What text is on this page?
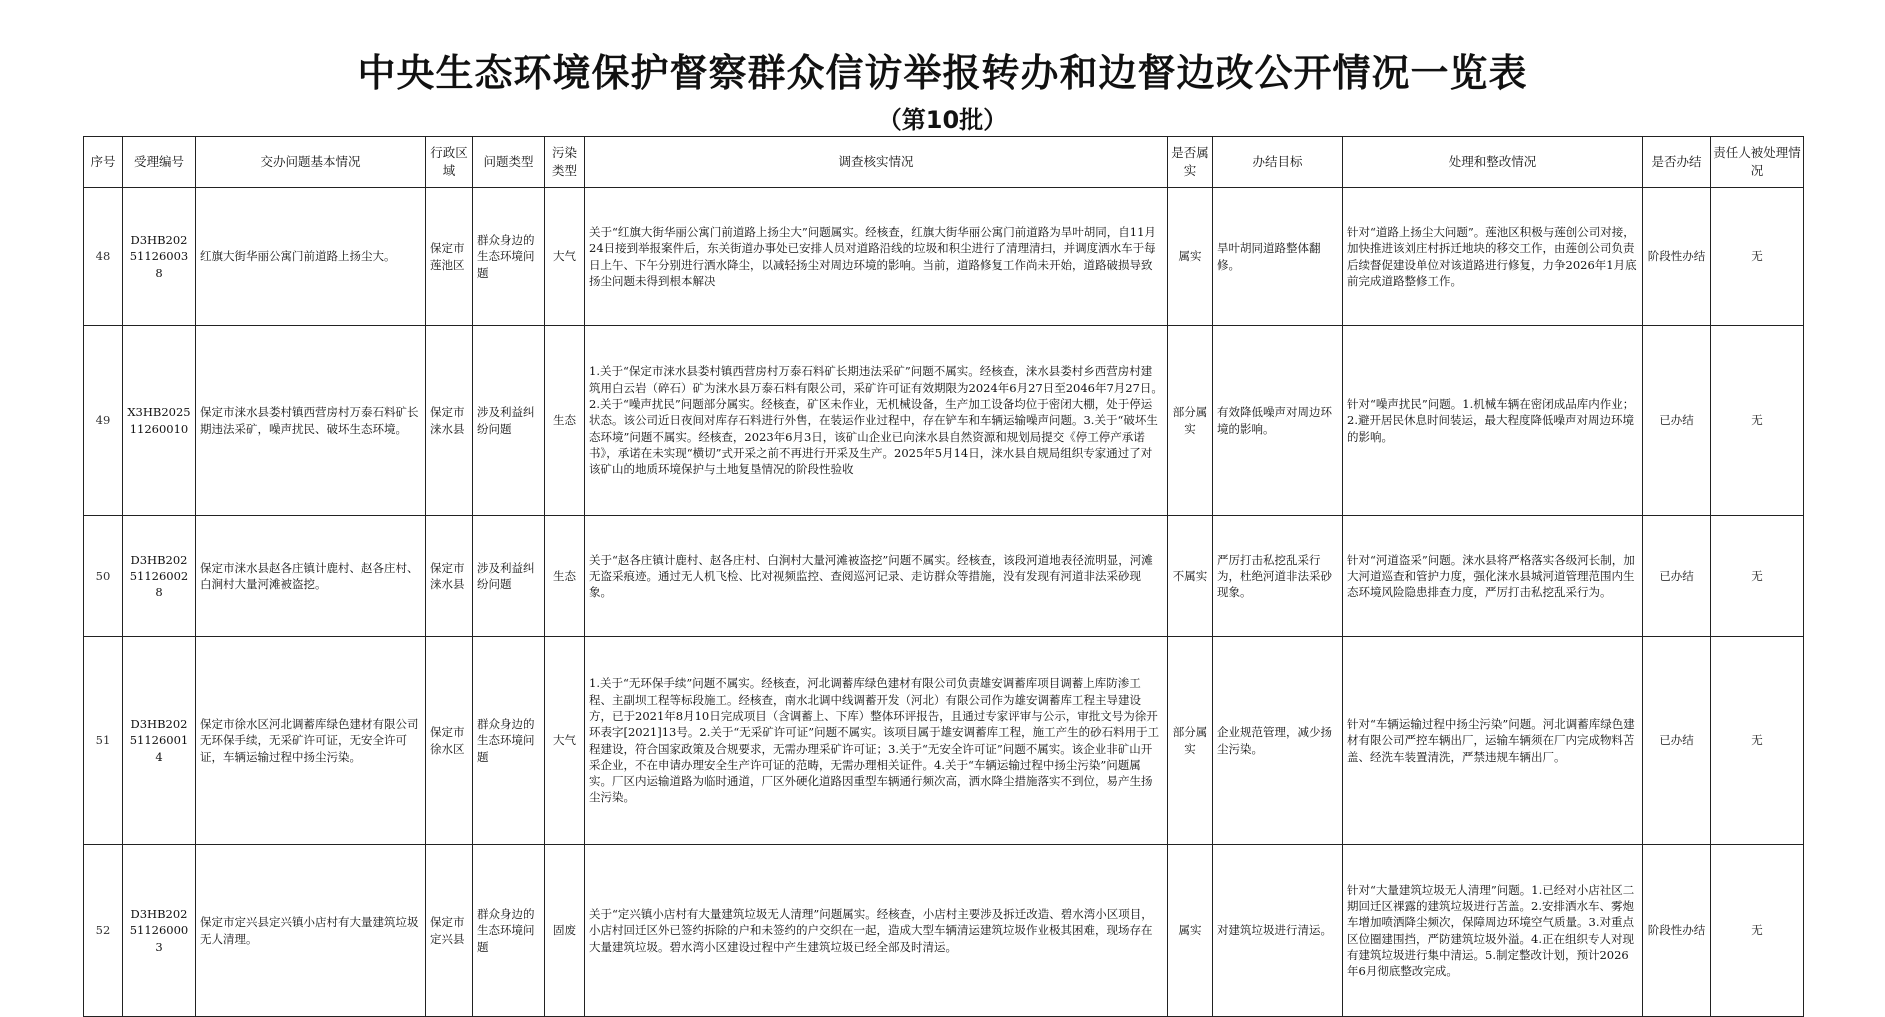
中央生态环境保护督察群众信访举报转办和边督边改公开情况一览表
（第10批）
序号	受理编号	交办问题基本情况	行政区域	问题类型	污染类型	调查核实情况	是否属实	办结目标	处理和整改情况	是否办结	责任人被处理情况
48	D3HB202511260038	红旗大街华丽公寓门前道路上扬尘大。	保定市莲池区	群众身边的生态环境问题	大气	关于“红旗大街华丽公寓门前道路上扬尘大”问题属实。经核查，红旗大街华丽公寓门前道路为旱叶胡同，自11月24日接到举报案件后，东关街道办事处已安排人员对道路沿线的垃圾和积尘进行了清理清扫，并调度洒水车于每日上午、下午分别进行洒水降尘，以减轻扬尘对周边环境的影响。当前，道路修复工作尚未开始，道路破损导致扬尘问题未得到根本解决	属实	旱叶胡同道路整体翻修。	针对“道路上扬尘大问题”。莲池区积极与莲创公司对接，加快推进该刘庄村拆迁地块的移交工作，由莲创公司负责后续督促建设单位对该道路进行修复，力争2026年1月底前完成道路整修工作。	阶段性办结	无
49	X3HB202511260010	保定市涞水县娄村镇西营房村万泰石料矿长期违法采矿，噪声扰民、破坏生态环境。	保定市涞水县	涉及利益纠纷问题	生态	1.关于“保定市涞水县娄村镇西营房村万泰石料矿长期违法采矿”问题不属实。经核查，涞水县娄村乡西营房村建筑用白云岩（碎石）矿为涞水县万泰石料有限公司，采矿许可证有效期限为2024年6月27日至2046年7月27日。2.关于“噪声扰民”问题部分属实。经核查，矿区未作业，无机械设备，生产加工设备均位于密闭大棚，处于停运状态。该公司近日夜间对库存石料进行外售，在装运作业过程中，存在铲车和车辆运输噪声问题。3.关于“破坏生态环境”问题不属实。经核查，2023年6月3日，该矿山企业已向涞水县自然资源和规划局提交《停工停产承诺书》，承诺在未实现“横切”式开采之前不再进行开采及生产。2025年5月14日，涞水县自规局组织专家通过了对该矿山的地质环境保护与土地复垦情况的阶段性验收	部分属实	有效降低噪声对周边环境的影响。	针对“噪声扰民”问题。1.机械车辆在密闭成品库内作业；2.避开居民休息时间装运，最大程度降低噪声对周边环境的影响。	已办结	无
50	D3HB202511260028	保定市涞水县赵各庄镇计鹿村、赵各庄村、白涧村大量河滩被盗挖。	保定市涞水县	涉及利益纠纷问题	生态	关于“赵各庄镇计鹿村、赵各庄村、白涧村大量河滩被盗挖”问题不属实。经核查，该段河道地表径流明显，河滩无盗采痕迹。通过无人机飞检、比对视频监控、查阅巡河记录、走访群众等措施，没有发现有河道非法采砂现象。	不属实	严厉打击私挖乱采行为，杜绝河道非法采砂现象。	针对“河道盗采”问题。涞水县将严格落实各级河长制，加大河道巡查和管护力度，强化涞水县城河道管理范围内生态环境风险隐患排查力度，严厉打击私挖乱采行为。	已办结	无
51	D3HB202511260014	保定市徐水区河北调蓄库绿色建材有限公司无环保手续，无采矿许可证，无安全许可证，车辆运输过程中扬尘污染。	保定市徐水区	群众身边的生态环境问题	大气	1.关于“无环保手续”问题不属实。经核查，河北调蓄库绿色建材有限公司负责雄安调蓄库项目调蓄上库防渗工程、主副坝工程等标段施工。经核查，南水北调中线调蓄开发（河北）有限公司作为雄安调蓄库工程主导建设方，已于2021年8月10日完成项目（含调蓄上、下库）整体环评报告，且通过专家评审与公示，审批文号为徐开环表字[2021]13号。2.关于“无采矿许可证”问题不属实。该项目属于雄安调蓄库工程，施工产生的砂石料用于工程建设，符合国家政策及合规要求，无需办理采矿许可证；3.关于“无安全许可证”问题不属实。该企业非矿山开采企业，不在申请办理安全生产许可证的范畴，无需办理相关证件。4.关于“车辆运输过程中扬尘污染”问题属实。厂区内运输道路为临时通道，厂区外硬化道路因重型车辆通行频次高，洒水降尘措施落实不到位，易产生扬尘污染。	部分属实	企业规范管理，减少扬尘污染。	针对“车辆运输过程中扬尘污染”问题。河北调蓄库绿色建材有限公司严控车辆出厂，运输车辆须在厂内完成物料苫盖、经洗车装置清洗，严禁违规车辆出厂。	已办结	无
52	D3HB202511260003	保定市定兴县定兴镇小店村有大量建筑垃圾无人清理。	保定市定兴县	群众身边的生态环境问题	固废	关于“定兴镇小店村有大量建筑垃圾无人清理”问题属实。经核查，小店村主要涉及拆迁改造、碧水湾小区项目，小店村回迁区外已签约拆除的户和未签约的户交织在一起，造成大型车辆清运建筑垃圾作业极其困难，现场存在大量建筑垃圾。碧水湾小区建设过程中产生建筑垃圾已经全部及时清运。	属实	对建筑垃圾进行清运。	针对“大量建筑垃圾无人清理”问题。1.已经对小店社区二期回迁区裸露的建筑垃圾进行苫盖。2.安排洒水车、雾炮车增加喷洒降尘频次，保障周边环境空气质量。3.对重点区位圈建围挡，严防建筑垃圾外溢。4.正在组织专人对现有建筑垃圾进行集中清运。5.制定整改计划，预计2026年6月彻底整改完成。	阶段性办结	无
